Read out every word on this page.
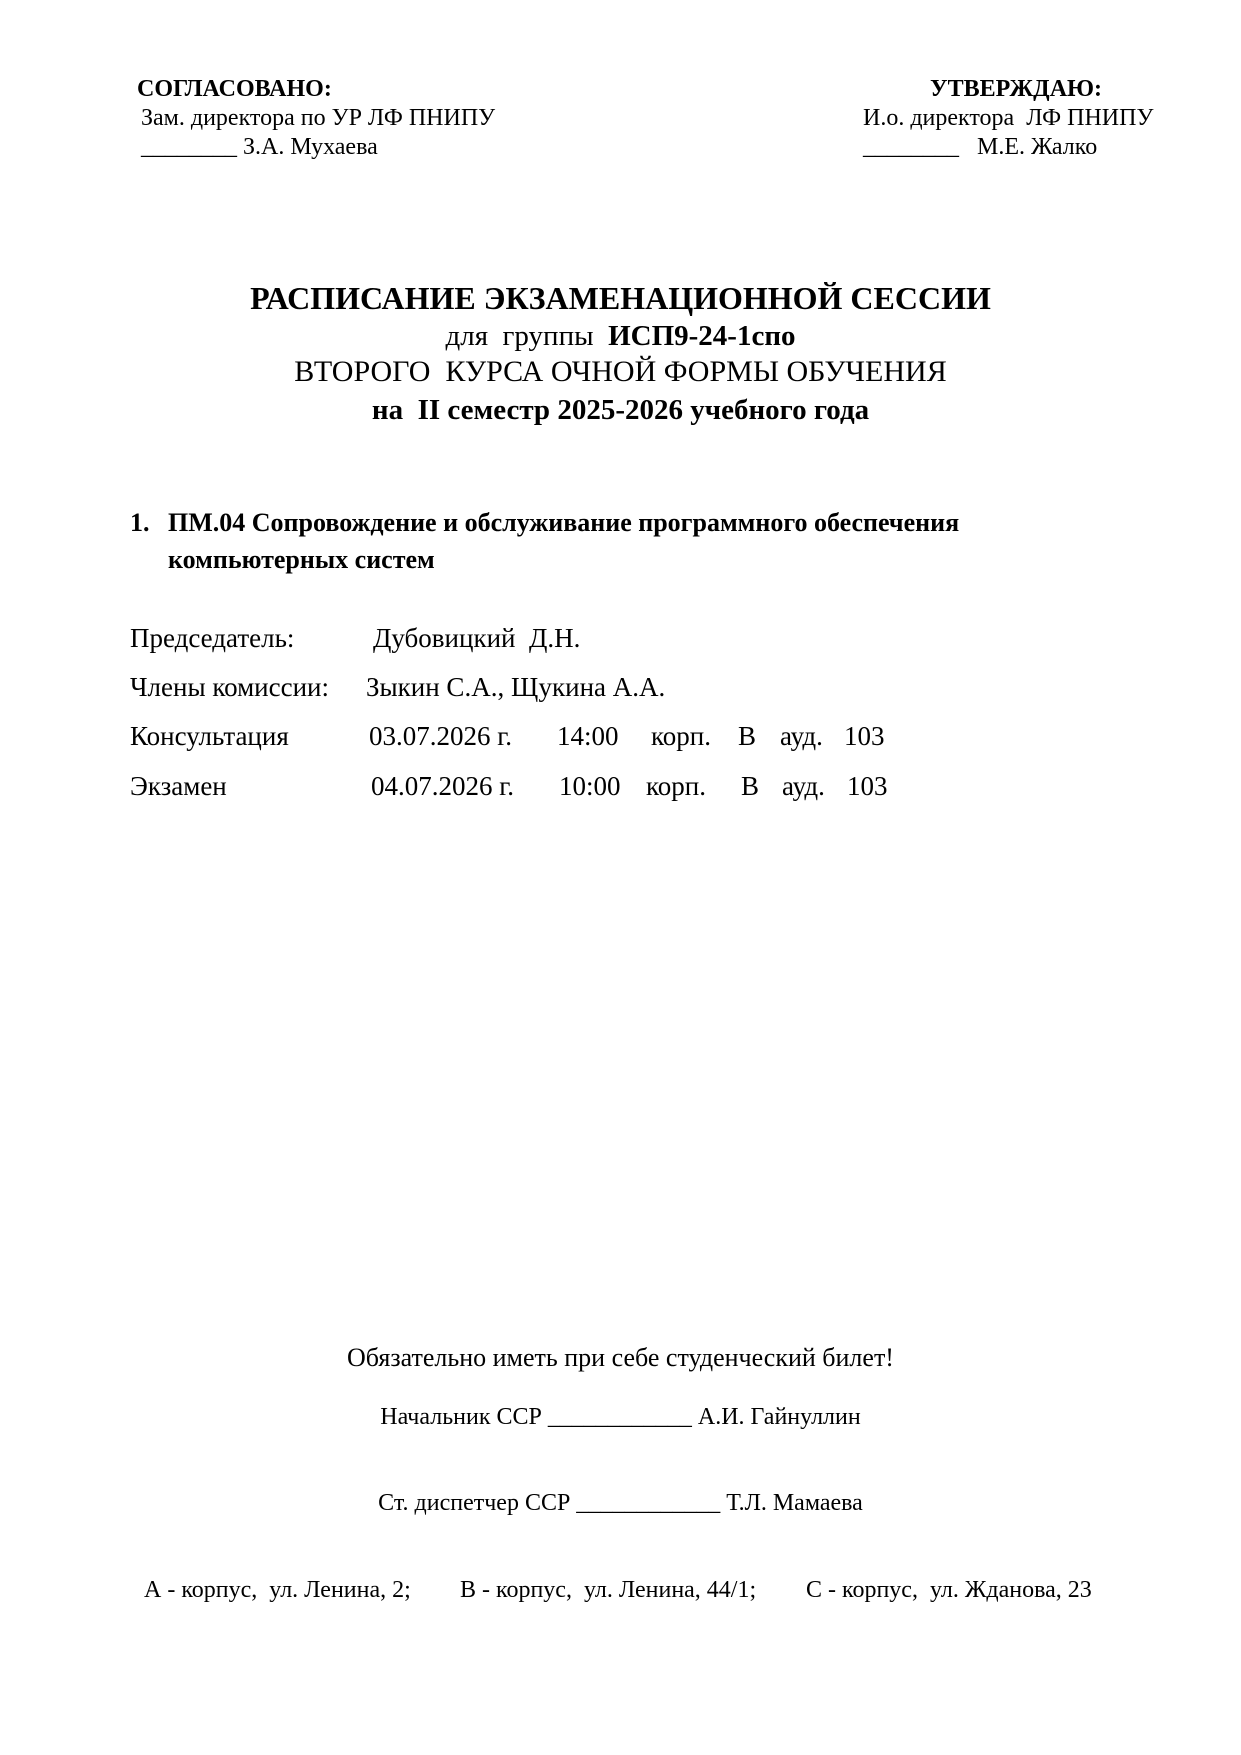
СОГЛАСОВАНО:
Зам. директора по УР ЛФ ПНИПУ
________ З.А. Мухаева
УТВЕРЖДАЮ:
И.о. директора  ЛФ ПНИПУ
________   М.Е. Жалко
РАСПИСАНИЕ ЭКЗАМЕНАЦИОННОЙ СЕССИИ
для  группы  ИСП9-24-1спо
ВТОРОГО  КУРСА ОЧНОЙ ФОРМЫ ОБУЧЕНИЯ
на  II семестр 2025-2026 учебного года
1. ПМ.04 Сопровождение и обслуживание программного обеспечения
компьютерных систем
Председатель:	Дубовицкий  Д.Н.
Члены комиссии: Зыкин С.А., Щукина А.А.
Консультация	03.07.2026 г. 14:00 корп. В ауд. 103
Экзамен	04.07.2026 г. 10:00 корп. В ауд. 103
Обязательно иметь при себе студенческий билет!
Начальник ССР ____________ А.И. Гайнуллин
Ст. диспетчер ССР ____________ Т.Л. Мамаева
А - корпус,  ул. Ленина, 2; В - корпус,  ул. Ленина, 44/1; С - корпус,  ул. Жданова, 23
